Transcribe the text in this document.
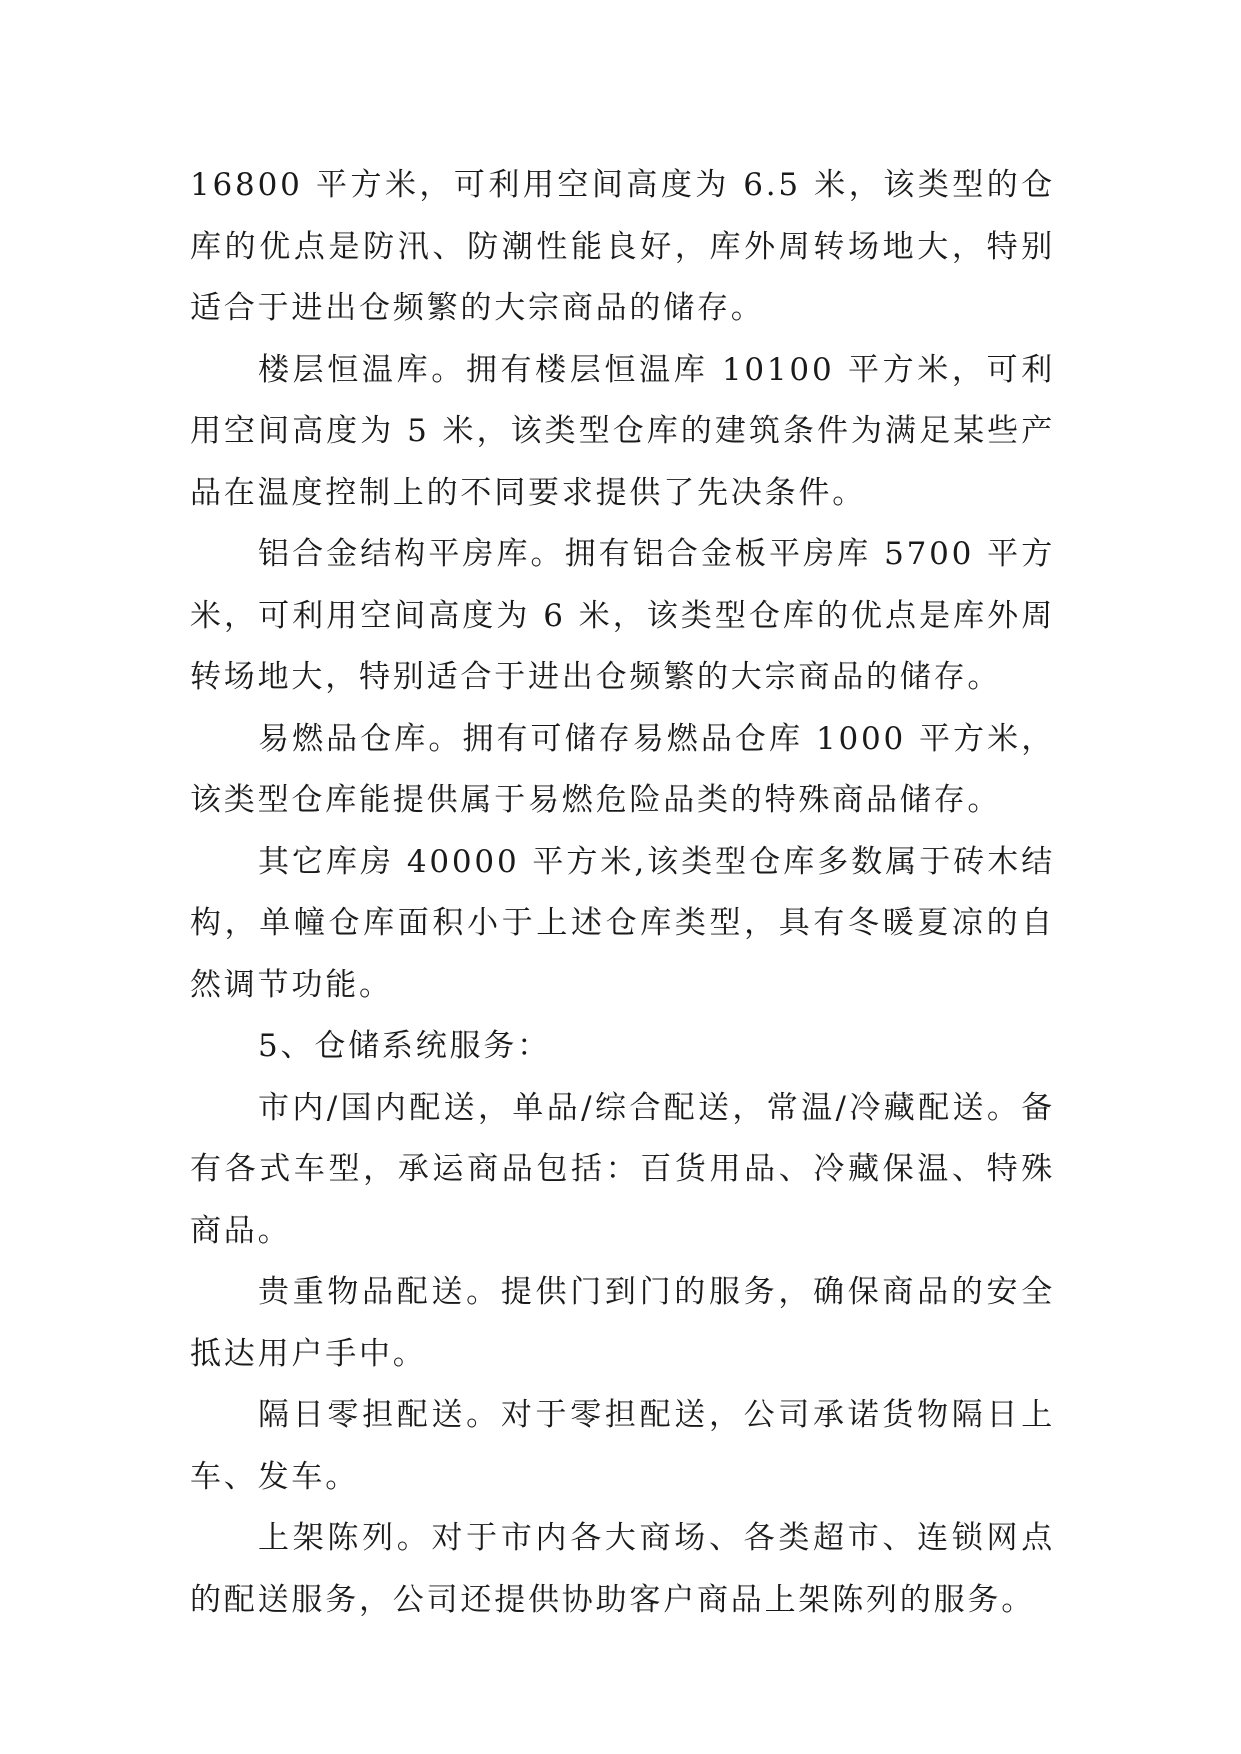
16800 平方米，可利用空间高度为 6.5 米，该类型的仓库的优点是防汛、防潮性能良好，库外周转场地大，特别适合于进出仓频繁的大宗商品的储存。

楼层恒温库。拥有楼层恒温库 10100 平方米，可利用空间高度为 5 米，该类型仓库的建筑条件为满足某些产品在温度控制上的不同要求提供了先决条件。

铝合金结构平房库。拥有铝合金板平房库 5700 平方米，可利用空间高度为 6 米，该类型仓库的优点是库外周转场地大，特别适合于进出仓频繁的大宗商品的储存。

易燃品仓库。拥有可储存易燃品仓库 1000 平方米，该类型仓库能提供属于易燃危险品类的特殊商品储存。

其它库房 40000 平方米,该类型仓库多数属于砖木结构，单幢仓库面积小于上述仓库类型，具有冬暖夏凉的自然调节功能。

5、仓储系统服务：

市内/国内配送，单品/综合配送，常温/冷藏配送。备有各式车型，承运商品包括：百货用品、冷藏保温、特殊商品。

贵重物品配送。提供门到门的服务，确保商品的安全抵达用户手中。

隔日零担配送。对于零担配送，公司承诺货物隔日上车、发车。

上架陈列。对于市内各大商场、各类超市、连锁网点的配送服务，公司还提供协助客户商品上架陈列的服务。
